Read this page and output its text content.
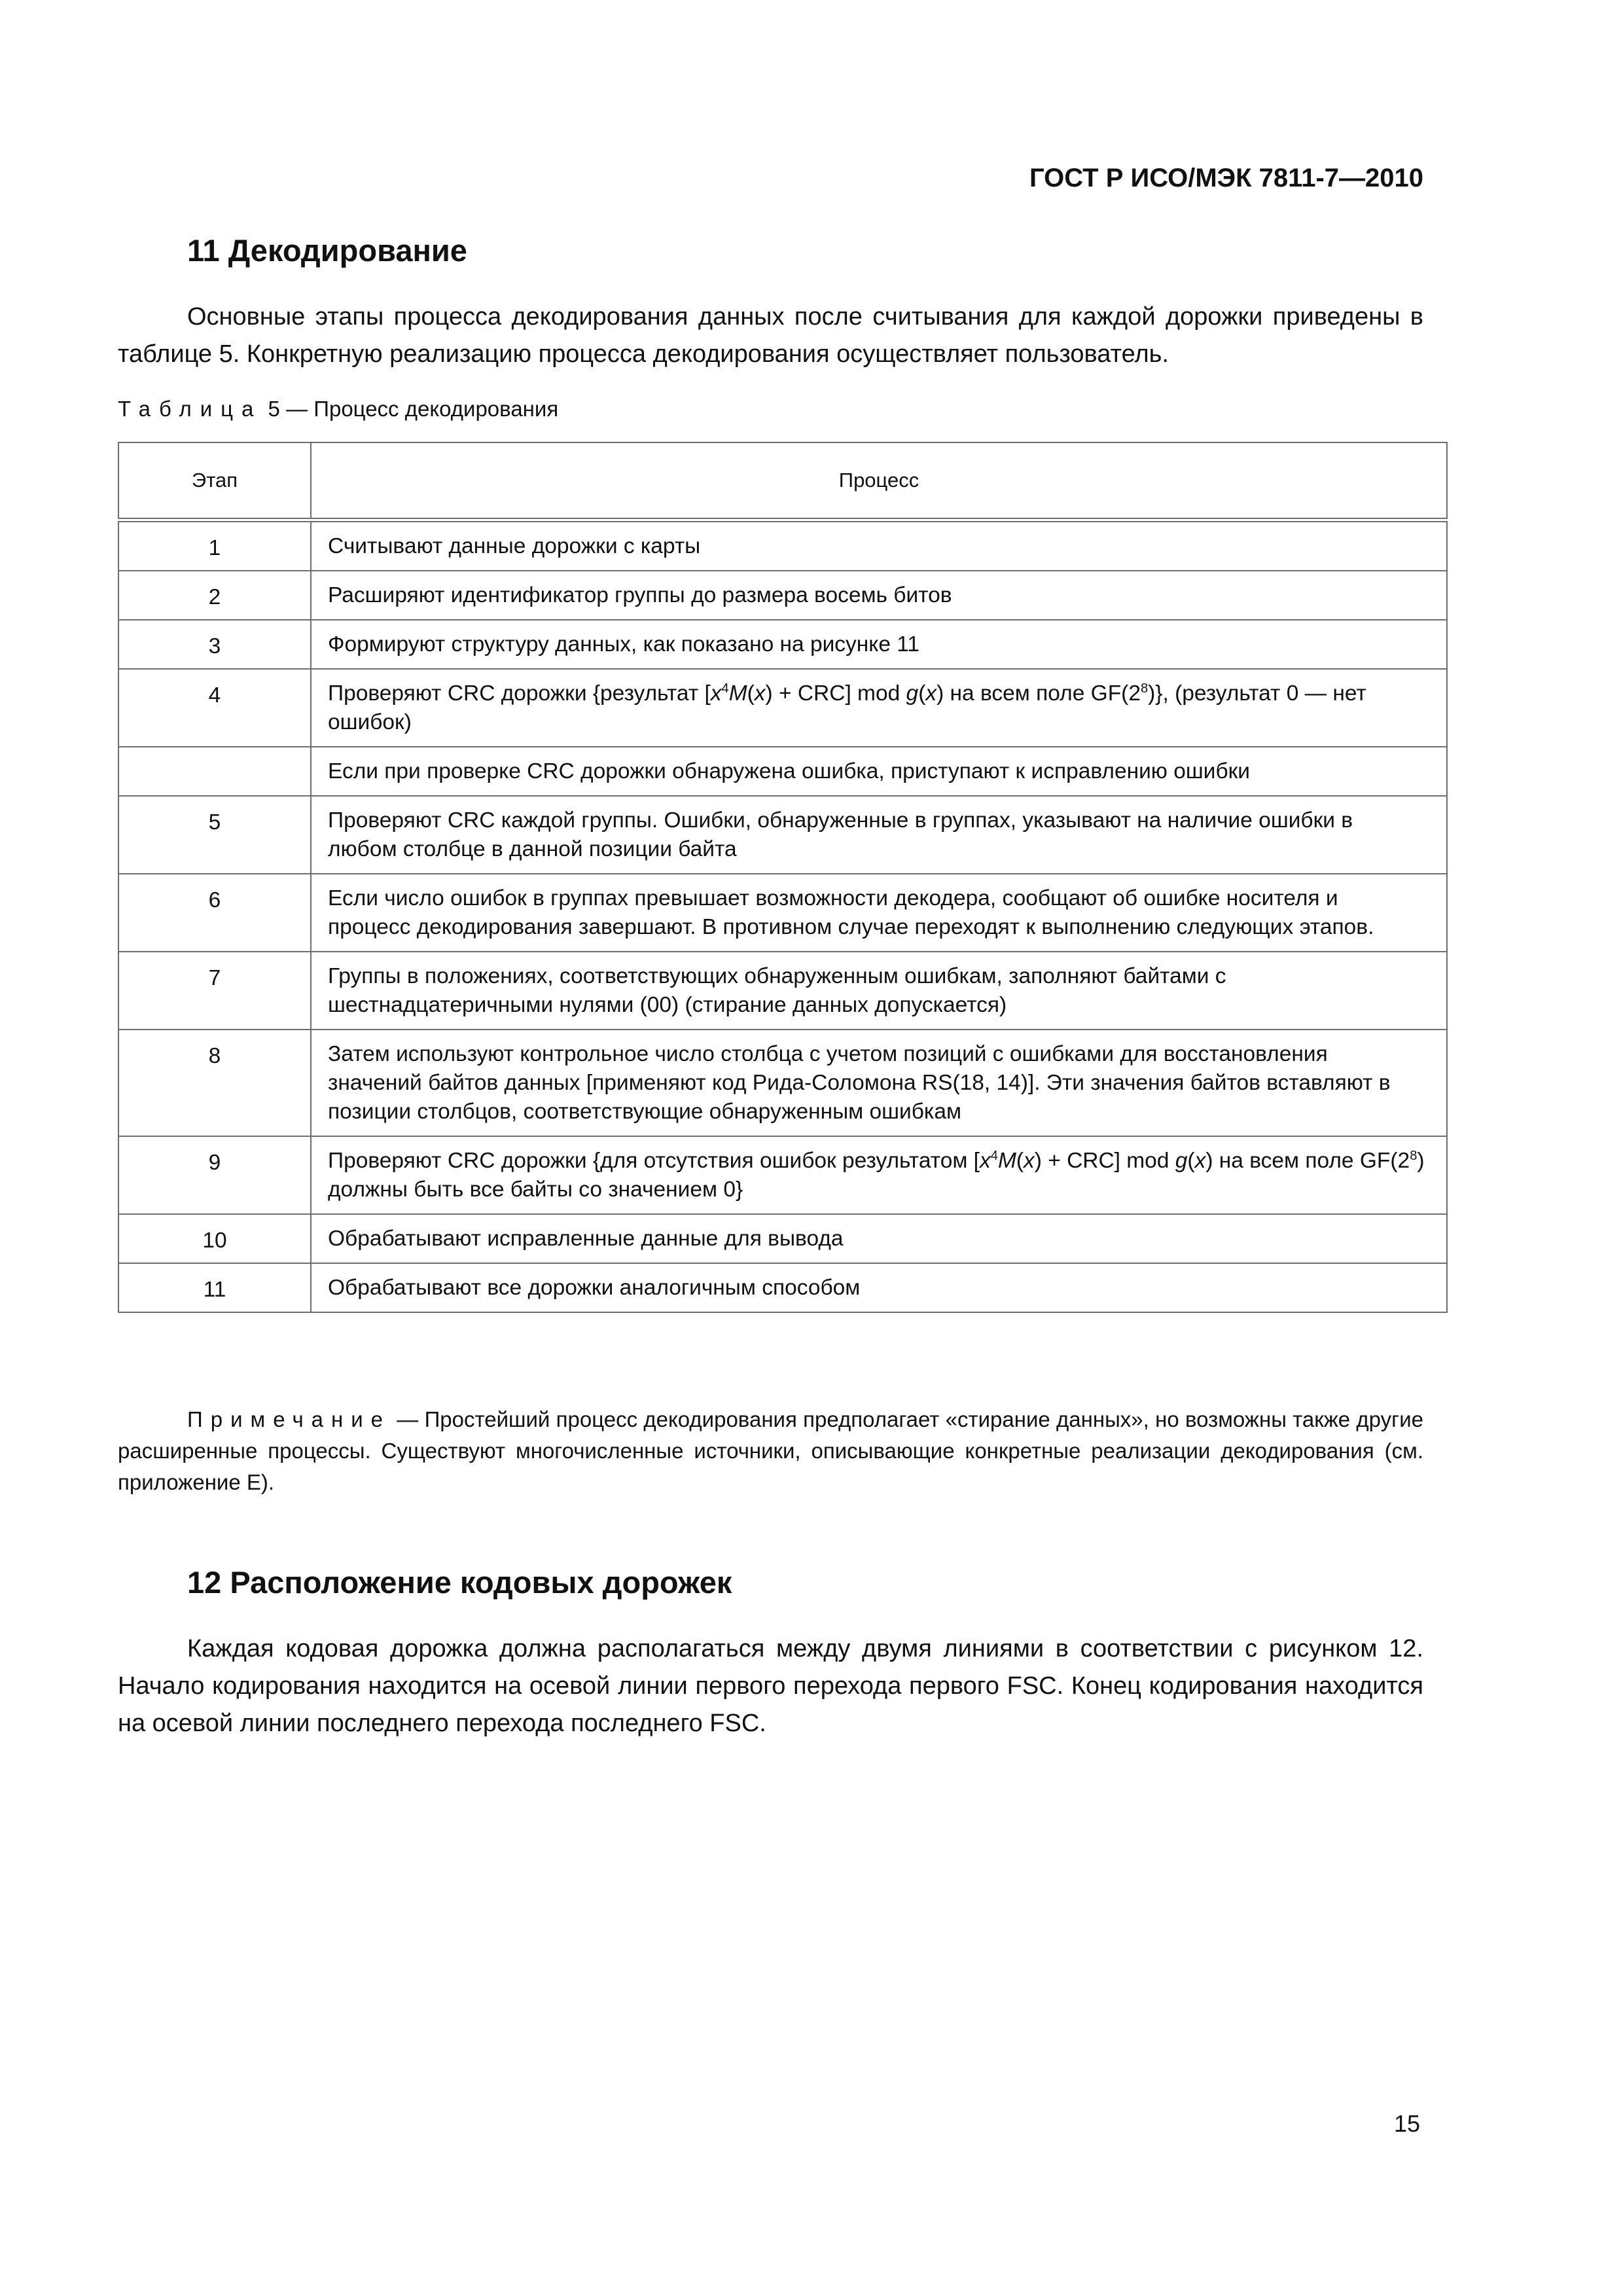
ГОСТ Р ИСО/МЭК 7811-7—2010
11 Декодирование
Основные этапы процесса декодирования данных после считывания для каждой дорожки приведены в таблице 5. Конкретную реализацию процесса декодирования осуществляет пользователь.
Таблица 5 — Процесс декодирования
Этап	Процесс
1	Считывают данные дорожки с карты
2	Расширяют идентификатор группы до размера восемь битов
3	Формируют структуру данных, как показано на рисунке 11
4	Проверяют CRC дорожки {результат $[x^4M(x) + CRC]$ mod g(x) на всем поле $GF(2^8)$}, (результат 0 — нет ошибок)
	Если при проверке CRC дорожки обнаружена ошибка, приступают к исправлению ошибки
5	Проверяют CRC каждой группы. Ошибки, обнаруженные в группах, указывают на наличие ошибки в любом столбце в данной позиции байта
6	Если число ошибок в группах превышает возможности декодера, сообщают об ошибке носителя и процесс декодирования завершают. В противном случае переходят к выполнению следующих этапов.
7	Группы в положениях, соответствующих обнаруженным ошибкам, заполняют байтами с шестнадцатеричными нулями (00) (стирание данных допускается)
8	Затем используют контрольное число столбца с учетом позиций с ошибками для восстановления значений байтов данных [применяют код Рида-Соломона RS(18, 14)]. Эти значения байтов вставляют в позиции столбцов, соответствующие обнаруженным ошибкам
9	Проверяют CRC дорожки {для отсутствия ошибок результатом $[x^4M(x) + CRC]$ mod g(x) на всем поле $GF(2^8)$ должны быть все байты со значением 0}
10	Обрабатывают исправленные данные для вывода
11	Обрабатывают все дорожки аналогичным способом
Примечание — Простейший процесс декодирования предполагает «стирание данных», но возможны также другие расширенные процессы. Существуют многочисленные источники, описывающие конкретные реализации декодирования (см. приложение Е).
12 Расположение кодовых дорожек
Каждая кодовая дорожка должна располагаться между двумя линиями в соответствии с рисунком 12. Начало кодирования находится на осевой линии первого перехода первого FSC. Конец кодирования находится на осевой линии последнего перехода последнего FSC.
15
